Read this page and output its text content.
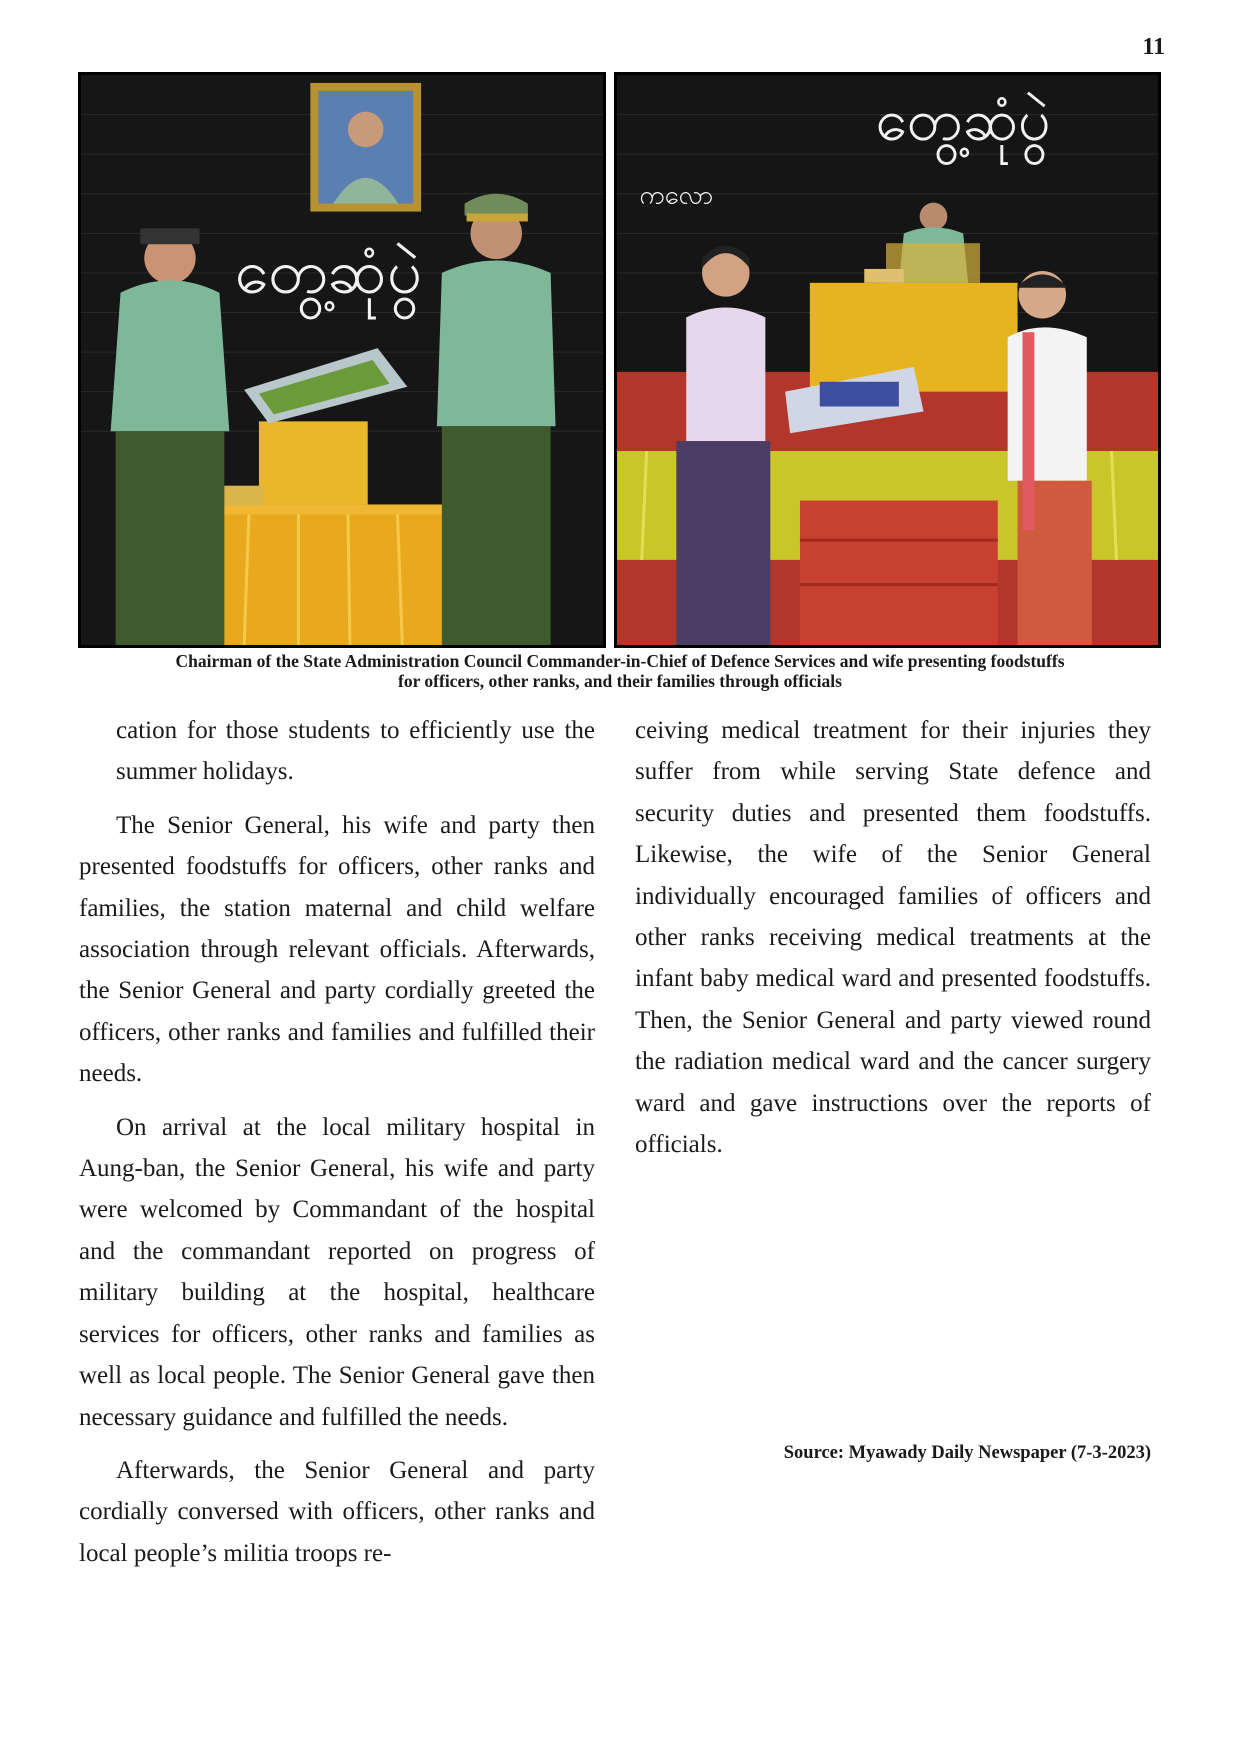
11
တွေ့ဆုံပွဲ
တွေ့ဆုံပွဲ
ကလော
Chairman of the State Administration Council Commander-in-Chief of Defence Services and wife presenting foodstuffs
for officers, other ranks, and their families through officials

cation for those students to efficiently use the summer holidays.

The Senior General, his wife and party then presented foodstuffs for officers, other ranks and families, the station maternal and child welfare association through relevant officials. Afterwards, the Senior General and party cordially greeted the officers, other ranks and families and fulfilled their needs.

On arrival at the local military hospital in Aung-ban, the Senior General, his wife and party were welcomed by Commandant of the hospital and the commandant reported on progress of military building at the hospital, healthcare services for officers, other ranks and families as well as local people. The Senior General gave then necessary guidance and fulfilled the needs.

Afterwards, the Senior General and party cordially conversed with officers, other ranks and local people’s militia troops re-

ceiving medical treatment for their injuries they suffer from while serving State defence and security duties and presented them foodstuffs. Likewise, the wife of the Senior General individually encouraged families of officers and other ranks receiving medical treatments at the infant baby medical ward and presented foodstuffs. Then, the Senior General and party viewed round the radiation medical ward and the cancer surgery ward and gave instructions over the reports of officials.

Source: Myawady Daily Newspaper (7-3-2023)
